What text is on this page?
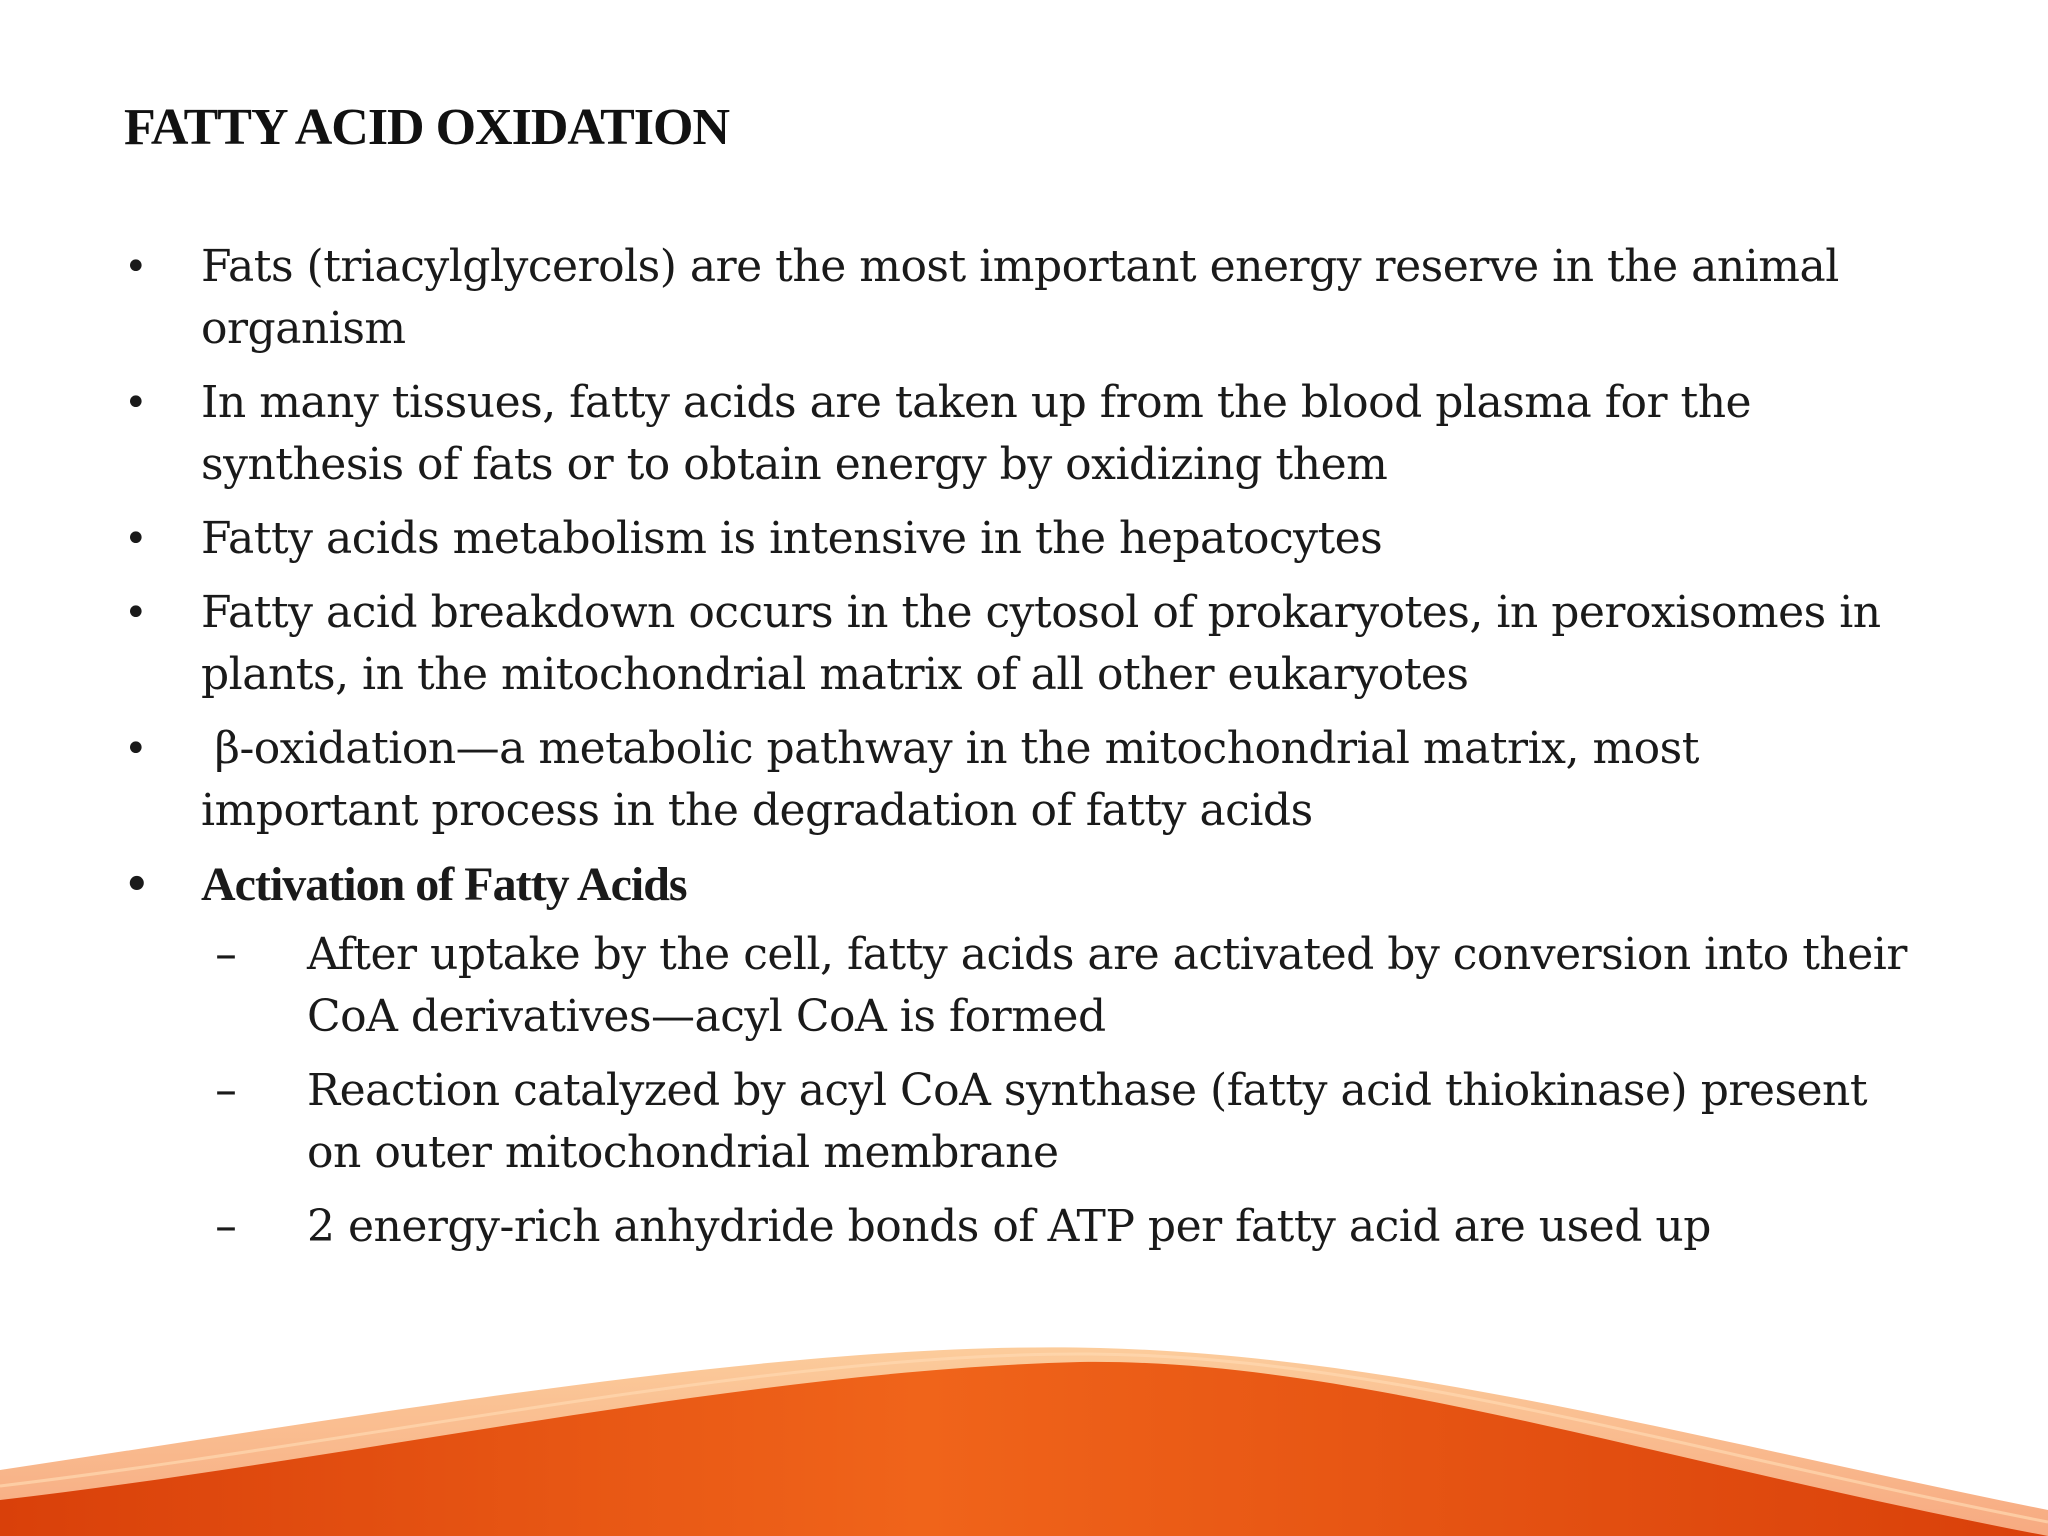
FATTY ACID OXIDATION
• Fats (triacylglycerols) are the most important energy reserve in the animal organism
• In many tissues, fatty acids are taken up from the blood plasma for the synthesis of fats or to obtain energy by oxidizing them
• Fatty acids metabolism is intensive in the hepatocytes
• Fatty acid breakdown occurs in the cytosol of prokaryotes, in peroxisomes in plants, in the mitochondrial matrix of all other eukaryotes
• β-oxidation—a metabolic pathway in the mitochondrial matrix, most important process in the degradation of fatty acids
• Activation of Fatty Acids
– After uptake by the cell, fatty acids are activated by conversion into their CoA derivatives—acyl CoA is formed
– Reaction catalyzed by acyl CoA synthase (fatty acid thiokinase) present on outer mitochondrial membrane
– 2 energy-rich anhydride bonds of ATP per fatty acid are used up
